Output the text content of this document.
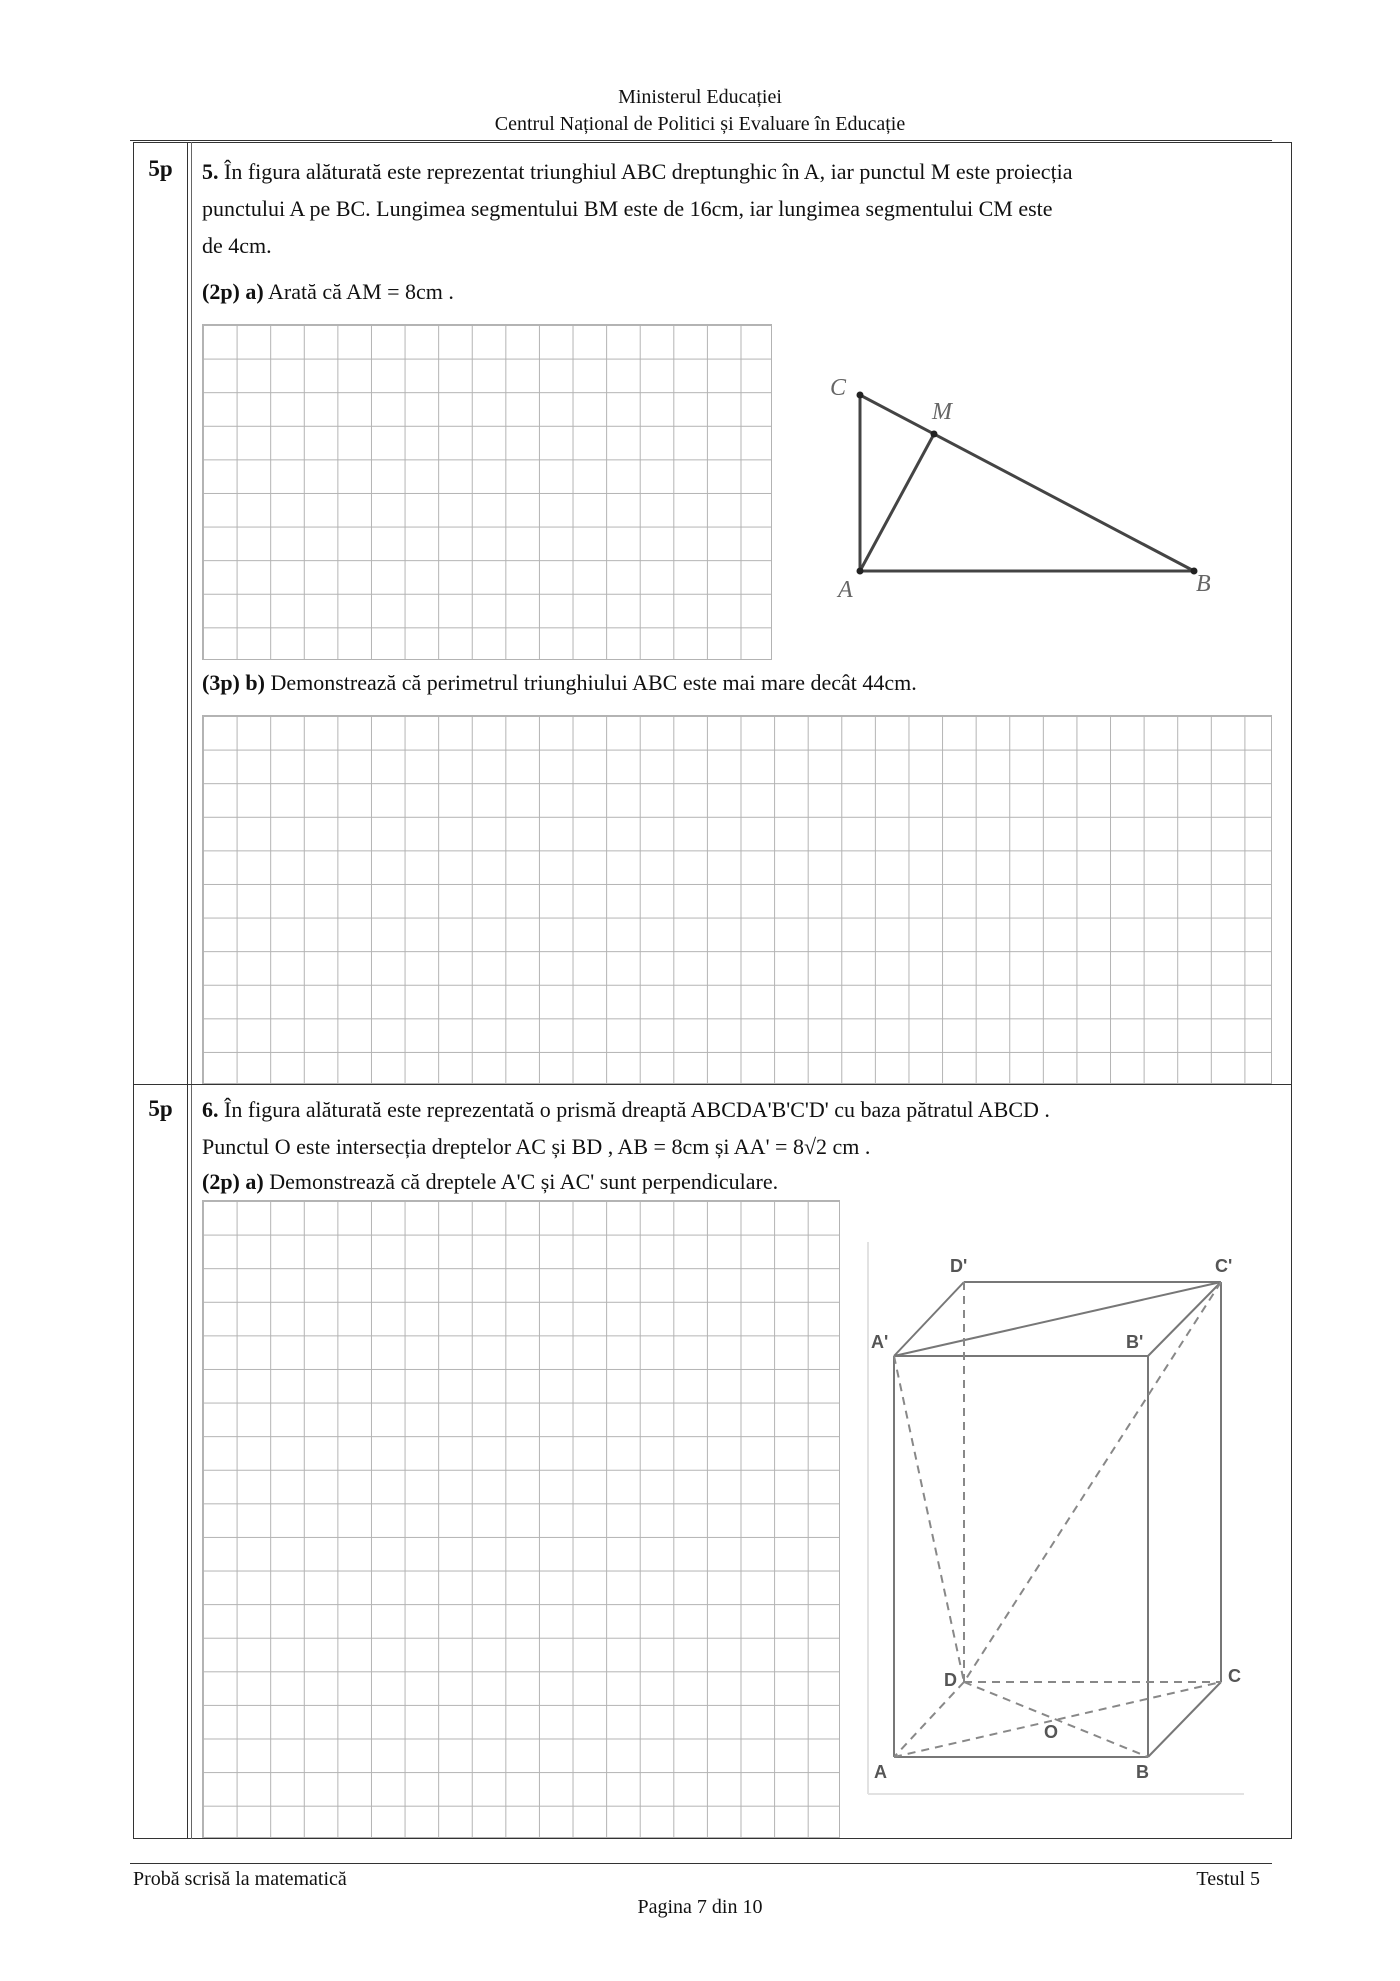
Ministerul Educației
Centrul Național de Politici și Evaluare în Educație
5p	5. În figura alăturată este reprezentat triunghiul ABC dreptunghic în A, iar punctul M este proiecția
punctului A pe BC. Lungimea segmentului BM este de 16cm, iar lungimea segmentului CM este
de 4cm.
(2p) a) Arată că AM = 8cm .
C
M
A	B
(3p) b) Demonstrează că perimetrul triunghiului ABC este mai mare decât 44cm.
5p	6. În figura alăturată este reprezentată o prismă dreaptă ABCDA'B'C'D' cu baza pătratul ABCD .
Punctul O este intersecția dreptelor AC și BD , AB = 8cm și AA' = 8√2 cm .
(2p) a) Demonstrează că dreptele A'C și AC' sunt perpendiculare.
D'	C'
A'	B'
D	C
O
A	B
Probă scrisă la matematică	Testul 5
Pagina 7 din 10
